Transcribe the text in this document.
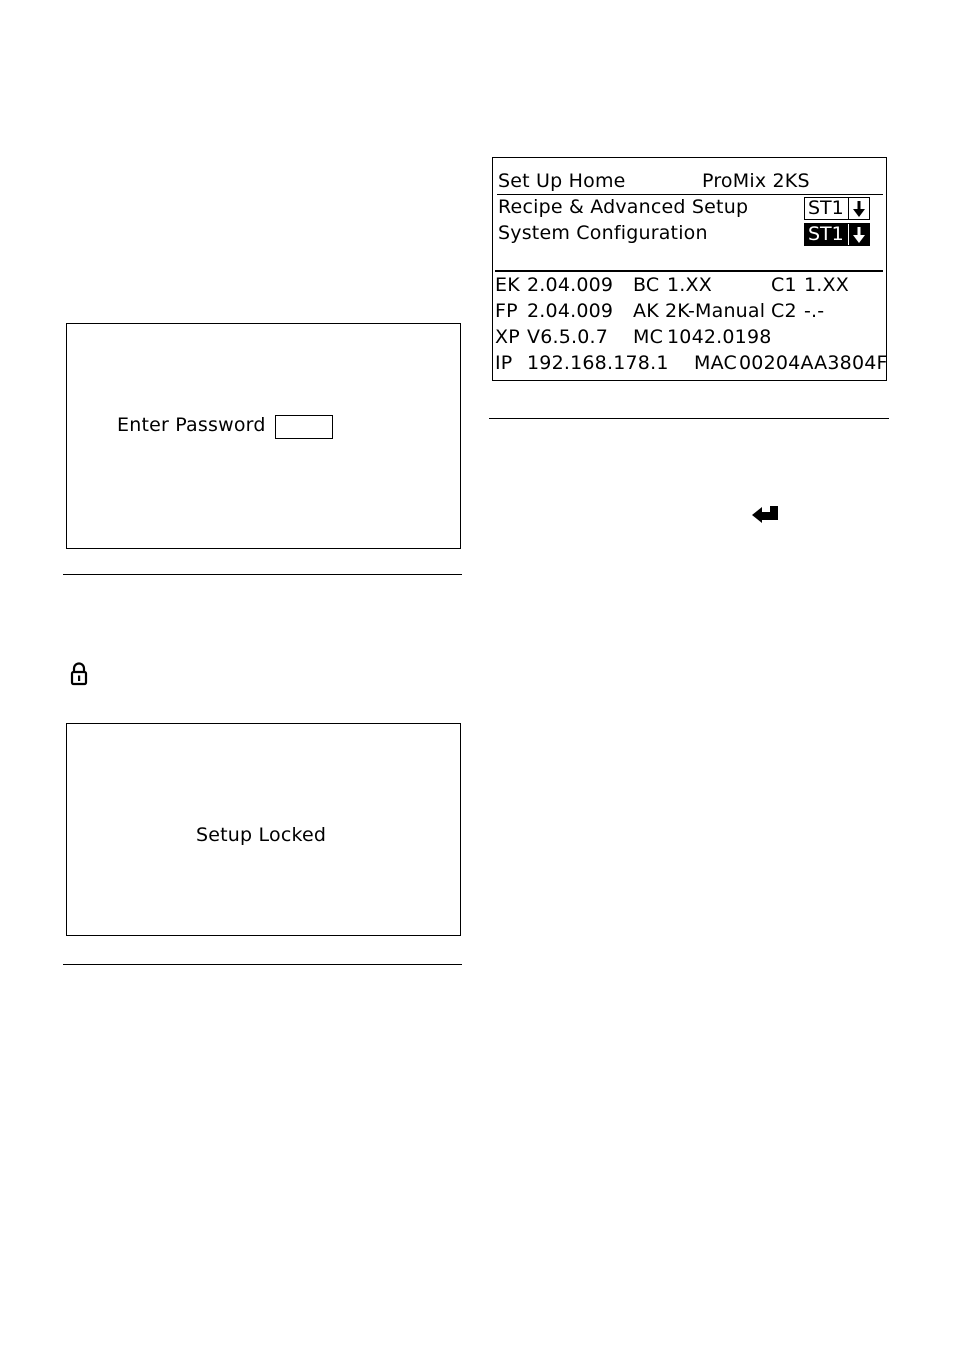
Enter Password
Setup Locked
Set Up Home	ProMix 2KS
Recipe & Advanced Setup	ST1
System Configuration	ST1
EK 2.04.009 BC 1.XX	C1 1.XX
FP 2.04.009 AK 2K-Manual C2 -.-
XP V6.5.0.7 MC 1042.0198
IP 192.168.178.1 MAC 00204AA3804F
